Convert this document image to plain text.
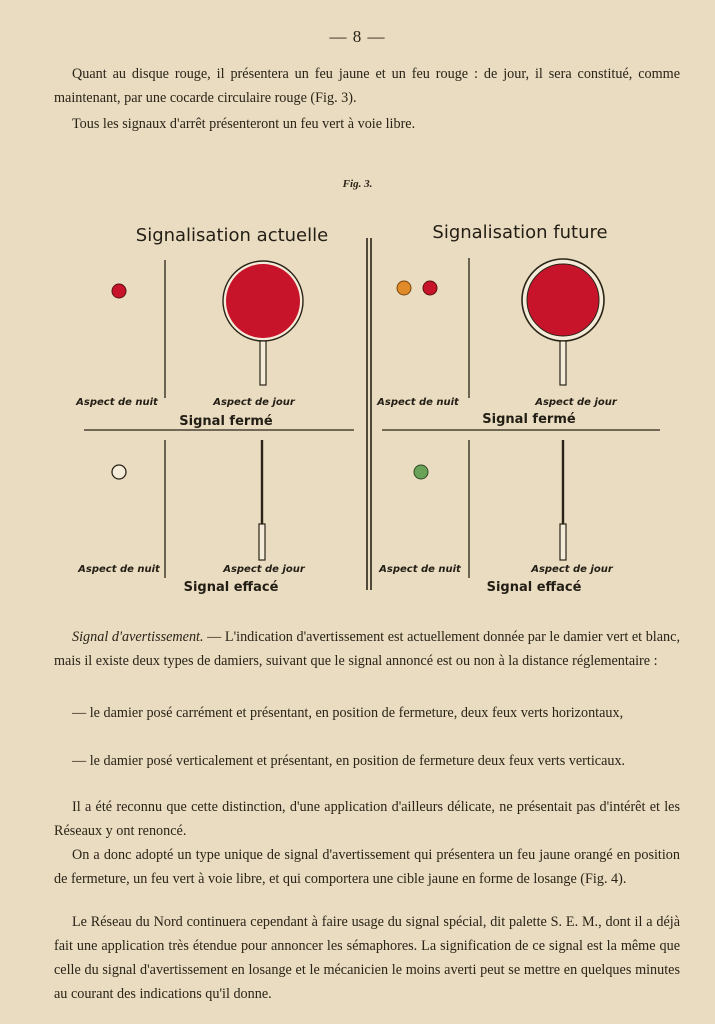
— 8 —

Quant au disque rouge, il présentera un feu jaune et un feu rouge : de jour, il sera constitué, comme maintenant, par une cocarde circulaire rouge (Fig. 3).

Tous les signaux d'arrêt présenteront un feu vert à voie libre.

Fig. 3.
Signalisation actuelle	Signalisation future
Aspect de nuit	Aspect de jour
Signal fermé
Aspect de nuit	Aspect de jour
Signal fermé
Aspect de nuit	Aspect de jour
Signal effacé
Aspect de nuit	Aspect de jour
Signal effacé

Signal d'avertissement. — L'indication d'avertissement est actuellement donnée par le damier vert et blanc, mais il existe deux types de damiers, suivant que le signal annoncé est ou non à la distance réglementaire :

— le damier posé carrément et présentant, en position de fermeture, deux feux verts horizontaux,

— le damier posé verticalement et présentant, en position de fermeture deux feux verts verticaux.

Il a été reconnu que cette distinction, d'une application d'ailleurs délicate, ne présentait pas d'intérêt et les Réseaux y ont renoncé.

On a donc adopté un type unique de signal d'avertissement qui présentera un feu jaune orangé en position de fermeture, un feu vert à voie libre, et qui comportera une cible jaune en forme de losange (Fig. 4).

Le Réseau du Nord continuera cependant à faire usage du signal spécial, dit palette S. E. M., dont il a déjà fait une application très étendue pour annoncer les sémaphores. La signification de ce signal est la même que celle du signal d'avertissement en losange et le mécanicien le moins averti peut se mettre en quelques minutes au courant des indications qu'il donne.
